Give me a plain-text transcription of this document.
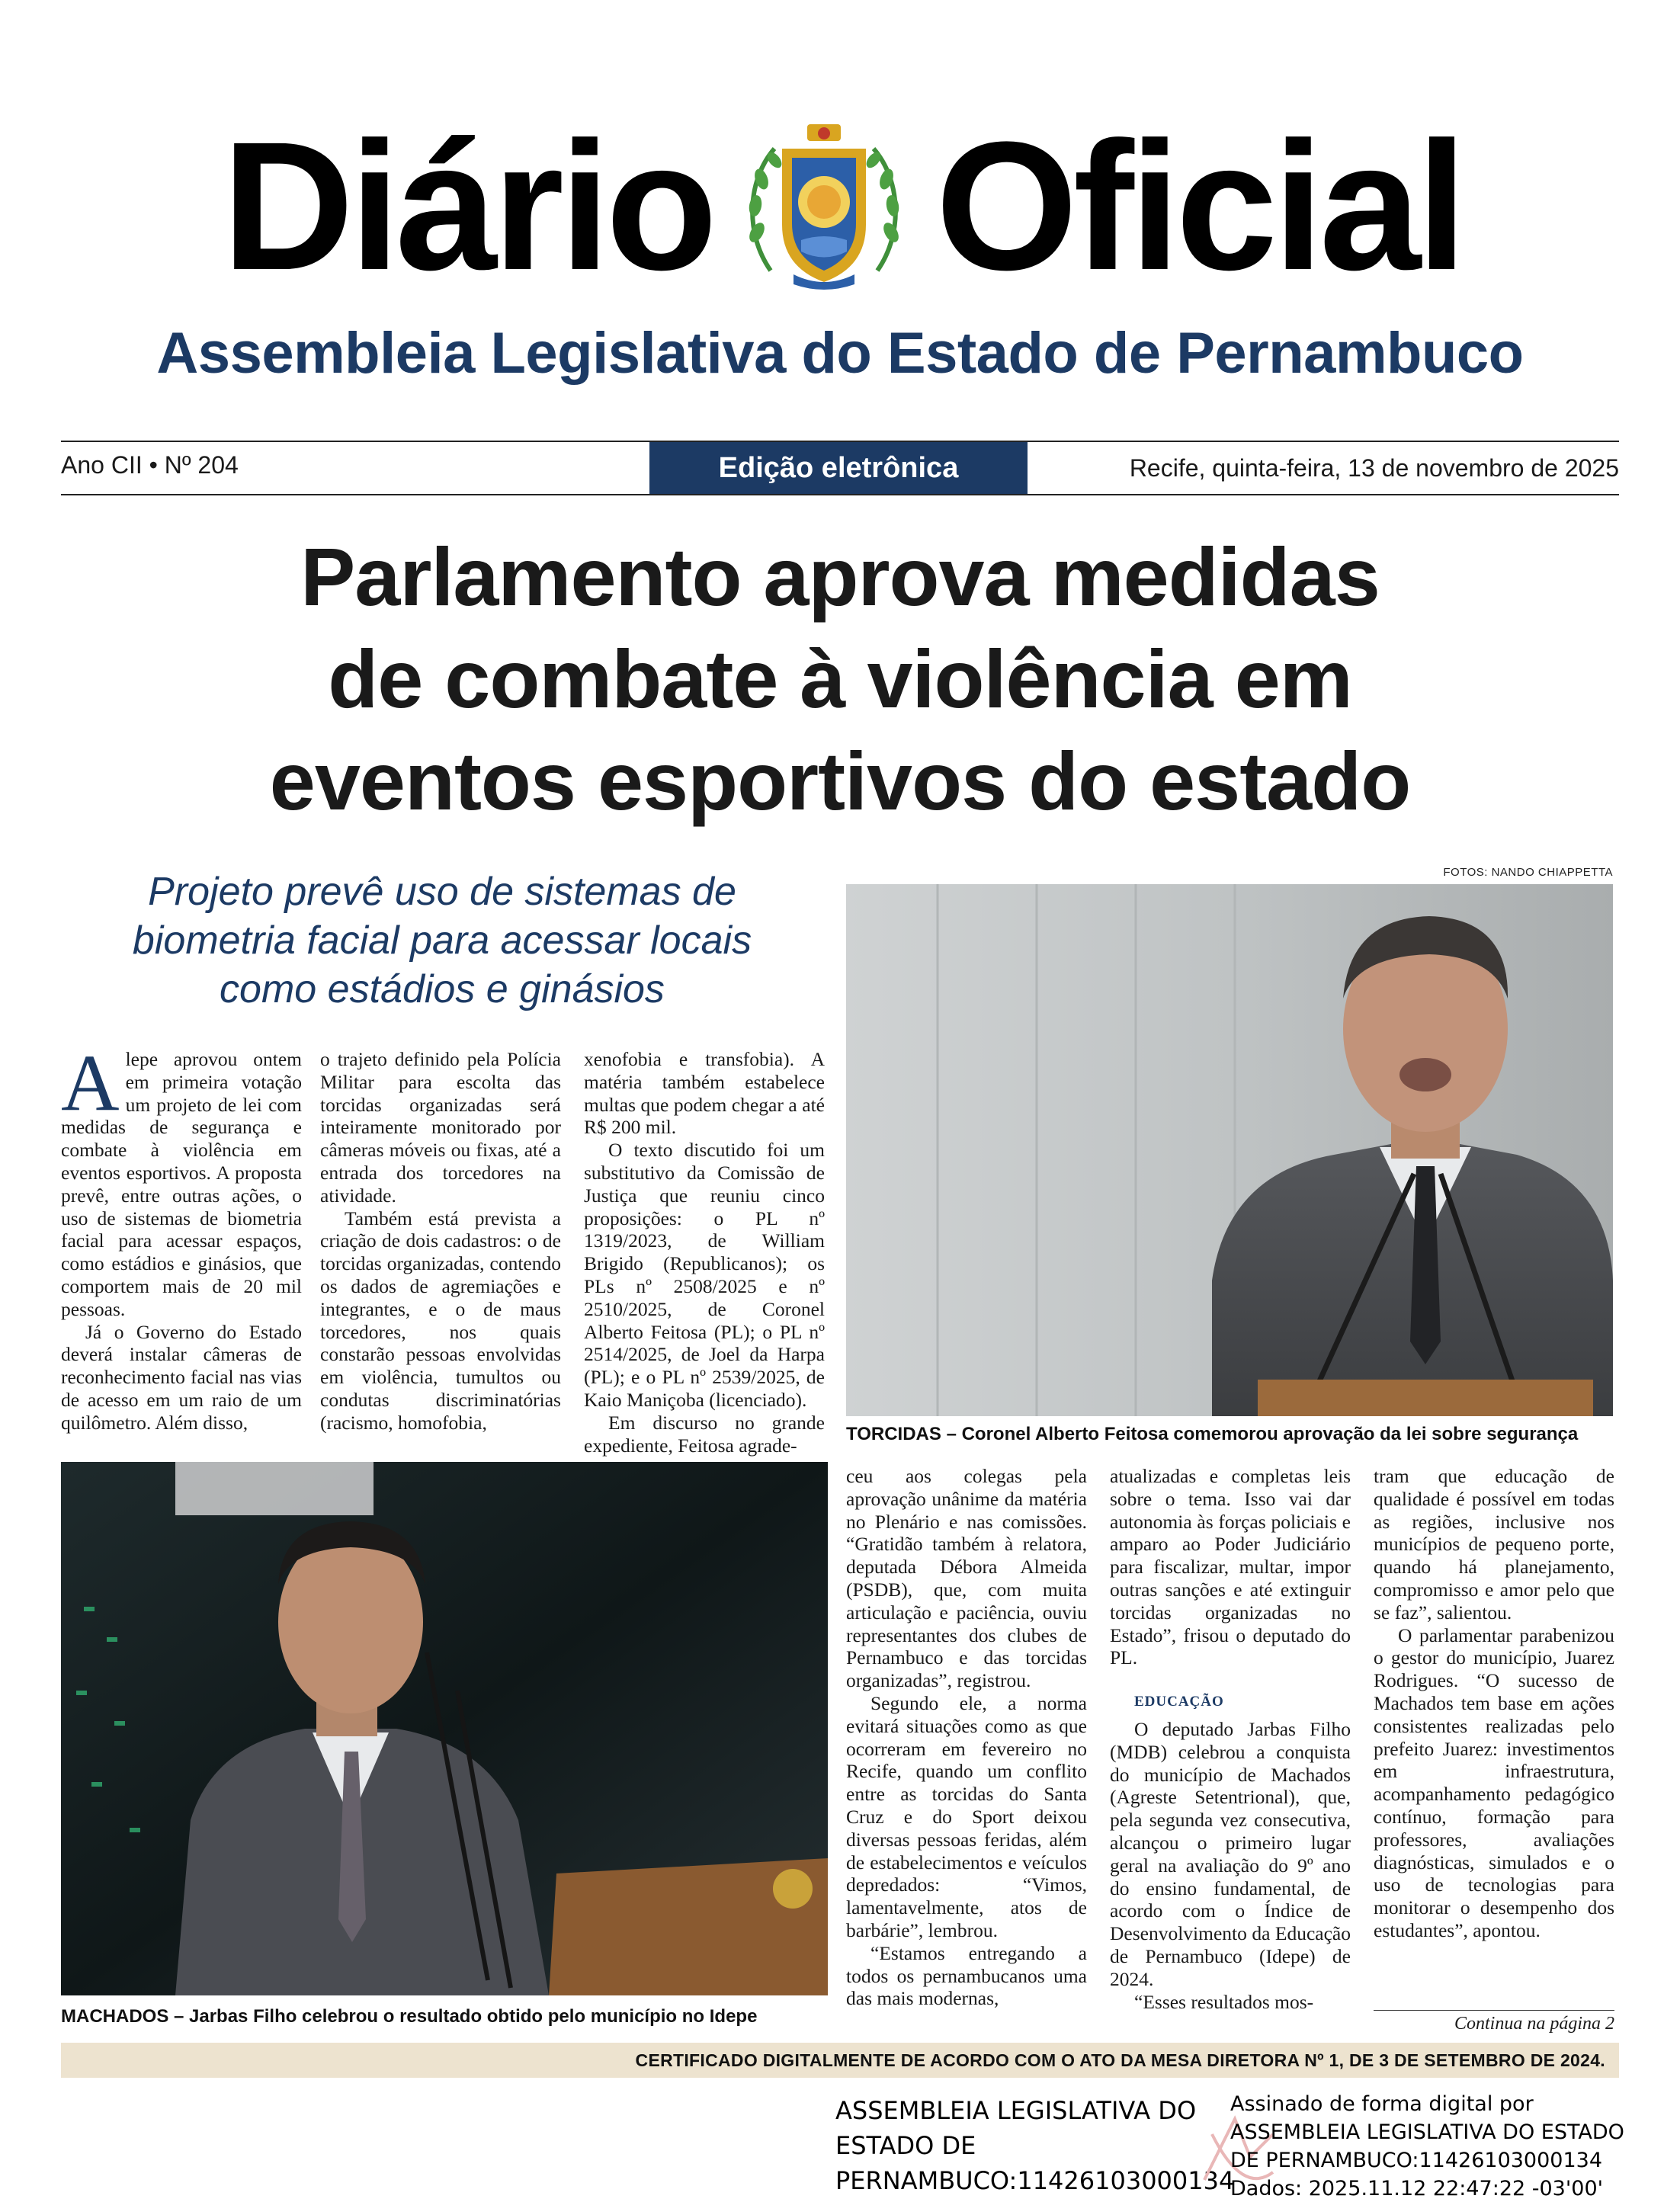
Diário Oficial
Assembleia Legislativa do Estado de Pernambuco
Ano CII • Nº 204	Edição eletrônica	Recife, quinta-feira, 13 de novembro de 2025
Parlamento aprova medidas
de combate à violência em
eventos esportivos do estado
Projeto prevê uso de sistemas de
biometria facial para acessar locais
como estádios e ginásios
FOTOS: NANDO CHIAPPETTA
TORCIDAS – Coronel Alberto Feitosa comemorou aprovação da lei sobre segurança
MACHADOS – Jarbas Filho celebrou o resultado obtido pelo município no Idepe

Alepe aprovou ontem em primeira votação um projeto de lei com medidas de segurança e combate à violência em eventos esportivos. A proposta prevê, entre outras ações, o uso de sistemas de biometria facial para acessar espaços, como estádios e ginásios, que comportem mais de 20 mil pessoas.

Já o Governo do Estado deverá instalar câmeras de reconhecimento facial nas vias de acesso em um raio de um quilômetro. Além disso,

o trajeto definido pela Polícia Militar para escolta das torcidas organizadas será inteiramente monitorado por câmeras móveis ou fixas, até a entrada dos torcedores na atividade.

Também está prevista a criação de dois cadastros: o de torcidas organizadas, contendo os dados de agremiações e integrantes, e o de maus torcedores, nos quais constarão pessoas envolvidas em violência, tumultos ou condutas discriminatórias (racismo, homofobia,

xenofobia e transfobia). A matéria também estabelece multas que podem chegar a até R$ 200 mil.

O texto discutido foi um substitutivo da Comissão de Justiça que reuniu cinco proposições: o PL nº 1319/2023, de William Brigido (Republicanos); os PLs nº 2508/2025 e nº 2510/2025, de Coronel Alberto Feitosa (PL); o PL nº 2514/2025, de Joel da Harpa (PL); e o PL nº 2539/2025, de Kaio Maniçoba (licenciado).

Em discurso no grande expediente, Feitosa agrade-

ceu aos colegas pela aprovação unânime da matéria no Plenário e nas comissões. “Gratidão também à relatora, deputada Débora Almeida (PSDB), que, com muita articulação e paciência, ouviu representantes dos clubes de Pernambuco e das torcidas organizadas”, registrou.

Segundo ele, a norma evitará situações como as que ocorreram em fevereiro no Recife, quando um conflito entre as torcidas do Santa Cruz e do Sport deixou diversas pessoas feridas, além de estabelecimentos e veículos depredados: “Vimos, lamentavelmente, atos de barbárie”, lembrou.

“Estamos entregando a todos os pernambucanos uma das mais modernas,

atualizadas e completas leis sobre o tema. Isso vai dar autonomia às forças policiais e amparo ao Poder Judiciário para fiscalizar, multar, impor outras sanções e até extinguir torcidas organizadas no Estado”, frisou o deputado do PL.

EDUCAÇÃO

O deputado Jarbas Filho (MDB) celebrou a conquista do município de Machados (Agreste Setentrional), que, pela segunda vez consecutiva, alcançou o primeiro lugar geral na avaliação do 9º ano do ensino fundamental, de acordo com o Índice de Desenvolvimento da Educação de Pernambuco (Idepe) de 2024.

“Esses resultados mos-

tram que educação de qualidade é possível em todas as regiões, inclusive nos municípios de pequeno porte, quando há planejamento, compromisso e amor pelo que se faz”, salientou.

O parlamentar parabenizou o gestor do município, Juarez Rodrigues. “O sucesso de Machados tem base em ações consistentes realizadas pelo prefeito Juarez: investimentos em infraestrutura, acompanhamento pedagógico contínuo, formação para professores, avaliações diagnósticas, simulados e o uso de tecnologias para monitorar o desempenho dos estudantes”, apontou.

Continua na página 2
CERTIFICADO DIGITALMENTE DE ACORDO COM O ATO DA MESA DIRETORA Nº 1, DE 3 DE SETEMBRO DE 2024.
ASSEMBLEIA LEGISLATIVA DO
ESTADO DE
PERNAMBUCO:11426103000134
Assinado de forma digital por
ASSEMBLEIA LEGISLATIVA DO ESTADO
DE PERNAMBUCO:11426103000134
Dados: 2025.11.12 22:47:22 -03'00'
